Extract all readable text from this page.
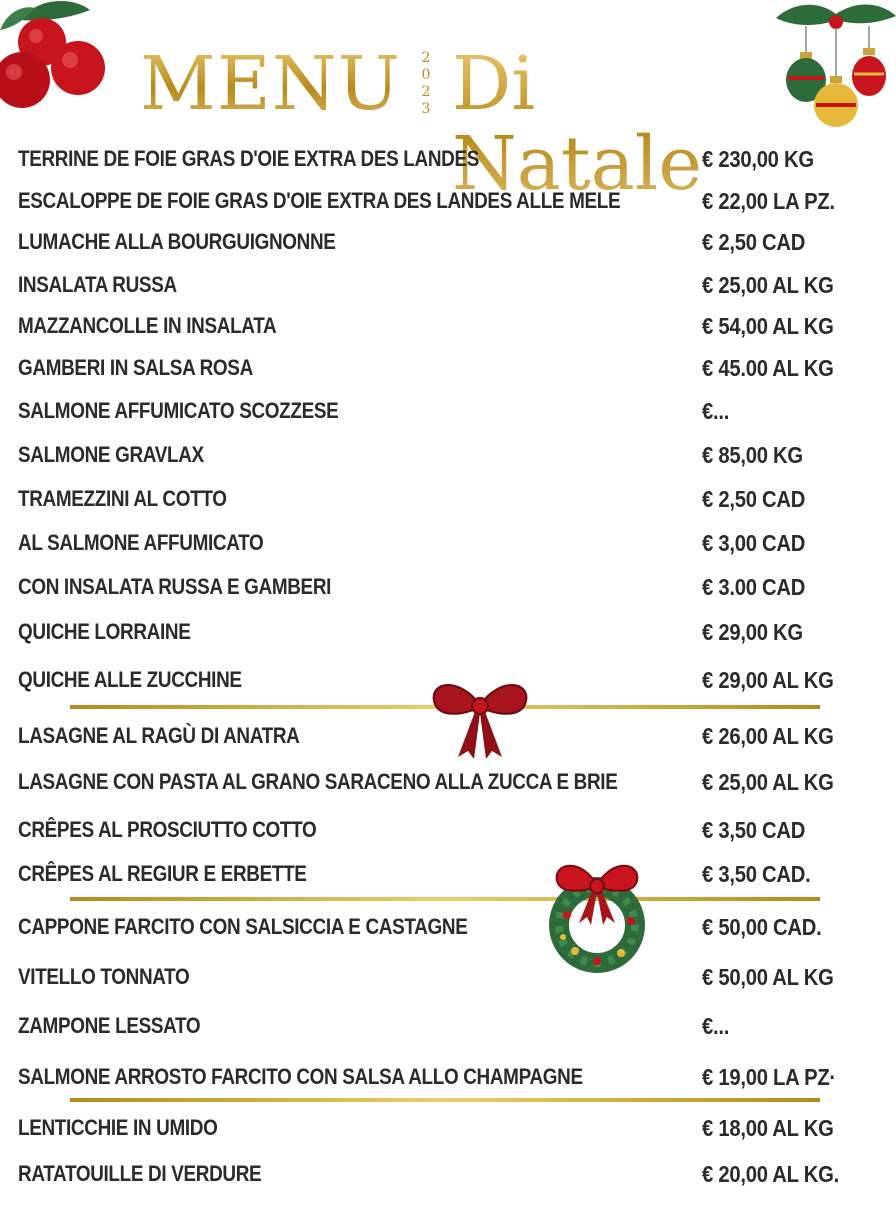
MENU 2023 Di Natale
TERRINE DE FOIE GRAS D'OIE EXTRA DES LANDES	€ 230,00 KG
ESCALOPPE DE FOIE GRAS D'OIE EXTRA DES LANDES ALLE MELE	€ 22,00 LA PZ.
LUMACHE ALLA BOURGUIGNONNE	€ 2,50 CAD
INSALATA RUSSA	€ 25,00 AL KG
MAZZANCOLLE IN INSALATA	€ 54,00 AL KG
GAMBERI IN SALSA ROSA	€ 45.00 AL KG
SALMONE AFFUMICATO SCOZZESE	€...
SALMONE GRAVLAX	€ 85,00 KG
TRAMEZZINI AL COTTO	€ 2,50 CAD
AL SALMONE AFFUMICATO	€ 3,00 CAD
CON INSALATA RUSSA E GAMBERI	€ 3.00 CAD
QUICHE LORRAINE	€ 29,00 KG
QUICHE ALLE ZUCCHINE	€ 29,00 AL KG
LASAGNE AL RAGÙ DI ANATRA	€ 26,00 AL KG
LASAGNE CON PASTA AL GRANO SARACENO ALLA ZUCCA E BRIE	€ 25,00 AL KG
CRÊPES AL PROSCIUTTO COTTO	€ 3,50 CAD
CRÊPES AL REGIUR E ERBETTE	€ 3,50 CAD.
CAPPONE FARCITO CON SALSICCIA E CASTAGNE	€ 50,00 CAD.
VITELLO TONNATO	€ 50,00 AL KG
ZAMPONE LESSATO	€...
SALMONE ARROSTO FARCITO CON SALSA ALLO CHAMPAGNE	€ 19,00 LA PZ·
LENTICCHIE IN UMIDO	€ 18,00 AL KG
RATATOUILLE DI VERDURE	€ 20,00 AL KG.
